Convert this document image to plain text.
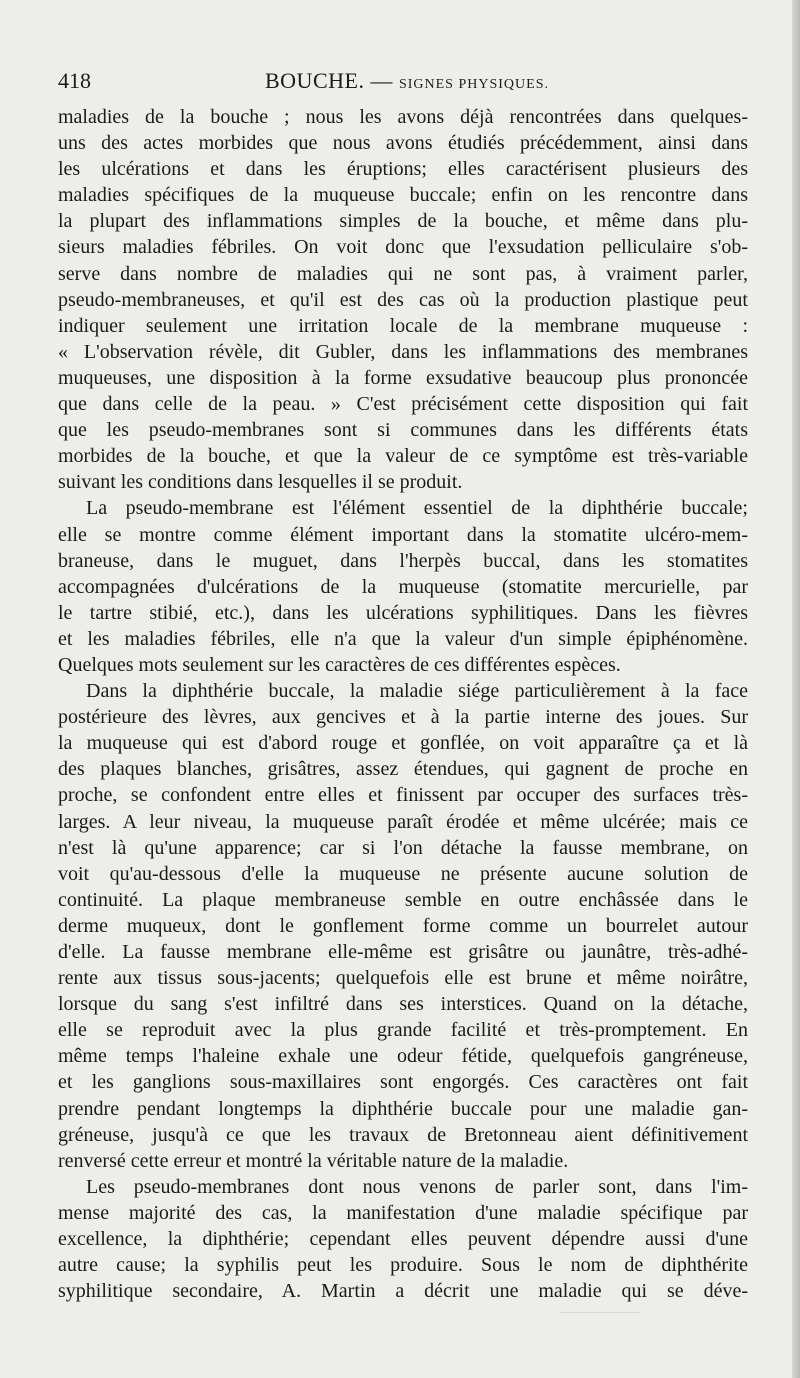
418	BOUCHE. — SIGNES PHYSIQUES.
maladies de la bouche ; nous les avons déjà rencontrées dans quelques-
uns des actes morbides que nous avons étudiés précédemment, ainsi dans
les ulcérations et dans les éruptions; elles caractérisent plusieurs des
maladies spécifiques de la muqueuse buccale; enfin on les rencontre dans
la plupart des inflammations simples de la bouche, et même dans plu-
sieurs maladies fébriles. On voit donc que l'exsudation pelliculaire s'ob-
serve dans nombre de maladies qui ne sont pas, à vraiment parler,
pseudo-membraneuses, et qu'il est des cas où la production plastique peut
indiquer seulement une irritation locale de la membrane muqueuse :
« L'observation révèle, dit Gubler, dans les inflammations des membranes
muqueuses, une disposition à la forme exsudative beaucoup plus prononcée
que dans celle de la peau. » C'est précisément cette disposition qui fait
que les pseudo-membranes sont si communes dans les différents états
morbides de la bouche, et que la valeur de ce symptôme est très-variable
suivant les conditions dans lesquelles il se produit.
La pseudo-membrane est l'élément essentiel de la diphthérie buccale;
elle se montre comme élément important dans la stomatite ulcéro-mem-
braneuse, dans le muguet, dans l'herpès buccal, dans les stomatites
accompagnées d'ulcérations de la muqueuse (stomatite mercurielle, par
le tartre stibié, etc.), dans les ulcérations syphilitiques. Dans les fièvres
et les maladies fébriles, elle n'a que la valeur d'un simple épiphénomène.
Quelques mots seulement sur les caractères de ces différentes espèces.
Dans la diphthérie buccale, la maladie siége particulièrement à la face
postérieure des lèvres, aux gencives et à la partie interne des joues. Sur
la muqueuse qui est d'abord rouge et gonflée, on voit apparaître ça et là
des plaques blanches, grisâtres, assez étendues, qui gagnent de proche en
proche, se confondent entre elles et finissent par occuper des surfaces très-
larges. A leur niveau, la muqueuse paraît érodée et même ulcérée; mais ce
n'est là qu'une apparence; car si l'on détache la fausse membrane, on
voit qu'au-dessous d'elle la muqueuse ne présente aucune solution de
continuité. La plaque membraneuse semble en outre enchâssée dans le
derme muqueux, dont le gonflement forme comme un bourrelet autour
d'elle. La fausse membrane elle-même est grisâtre ou jaunâtre, très-adhé-
rente aux tissus sous-jacents; quelquefois elle est brune et même noirâtre,
lorsque du sang s'est infiltré dans ses interstices. Quand on la détache,
elle se reproduit avec la plus grande facilité et très-promptement. En
même temps l'haleine exhale une odeur fétide, quelquefois gangréneuse,
et les ganglions sous-maxillaires sont engorgés. Ces caractères ont fait
prendre pendant longtemps la diphthérie buccale pour une maladie gan-
gréneuse, jusqu'à ce que les travaux de Bretonneau aient définitivement
renversé cette erreur et montré la véritable nature de la maladie.
Les pseudo-membranes dont nous venons de parler sont, dans l'im-
mense majorité des cas, la manifestation d'une maladie spécifique par
excellence, la diphthérie; cependant elles peuvent dépendre aussi d'une
autre cause; la syphilis peut les produire. Sous le nom de diphthérite
syphilitique secondaire, A. Martin a décrit une maladie qui se déve-
